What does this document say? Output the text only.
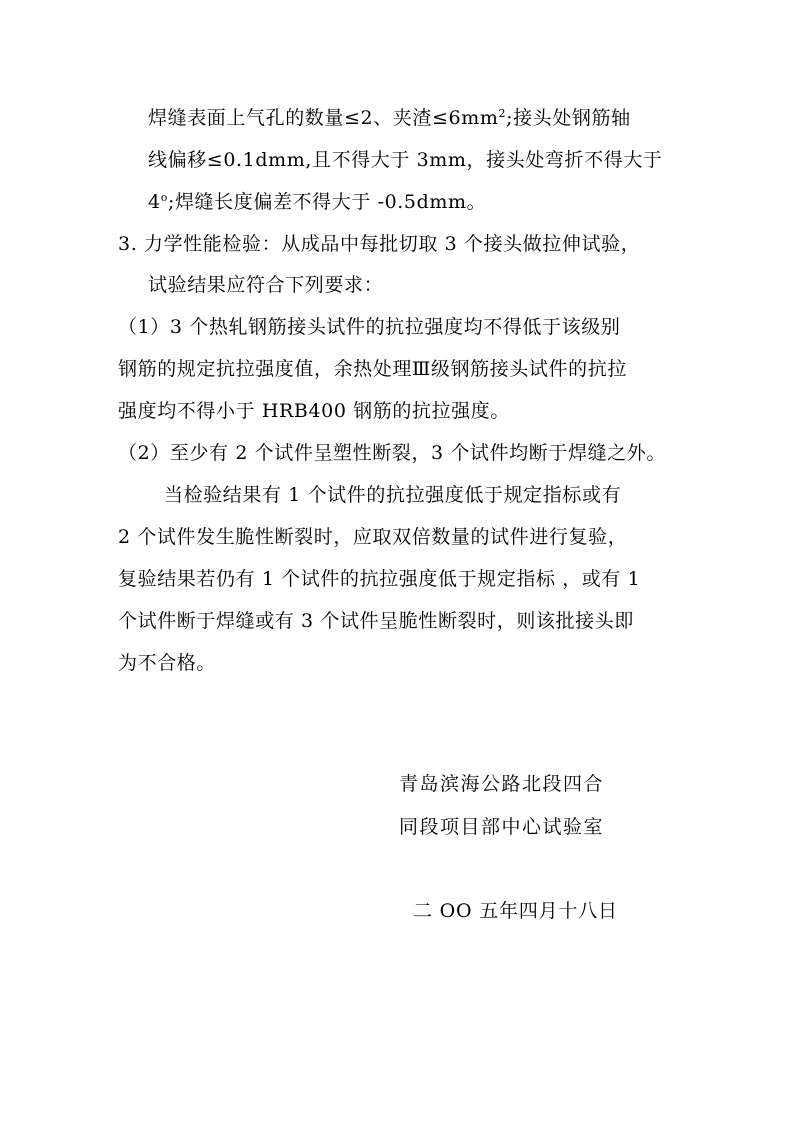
焊缝表面上气孔的数量≤2、夹渣$\le 6mm^2$;接头处钢筋轴
线偏移≤0.1dmm,且不得大于 3mm，接头处弯折不得大于
4$^o$;焊缝长度偏差不得大于 -0.5dmm。
3. 力学性能检验：从成品中每批切取 3 个接头做拉伸试验，
试验结果应符合下列要求：
（1）3 个热轧钢筋接头试件的抗拉强度均不得低于该级别
钢筋的规定抗拉强度值，余热处理Ⅲ级钢筋接头试件的抗拉
强度均不得小于 HRB400 钢筋的抗拉强度。
（2）至少有 2 个试件呈塑性断裂，3 个试件均断于焊缝之外。
当检验结果有 1 个试件的抗拉强度低于规定指标或有
2 个试件发生脆性断裂时，应取双倍数量的试件进行复验，
复验结果若仍有 1 个试件的抗拉强度低于规定指标 ，或有 1
个试件断于焊缝或有 3 个试件呈脆性断裂时，则该批接头即
为不合格。
青岛滨海公路北段四合
同段项目部中心试验室
二 OO 五年四月十八日
